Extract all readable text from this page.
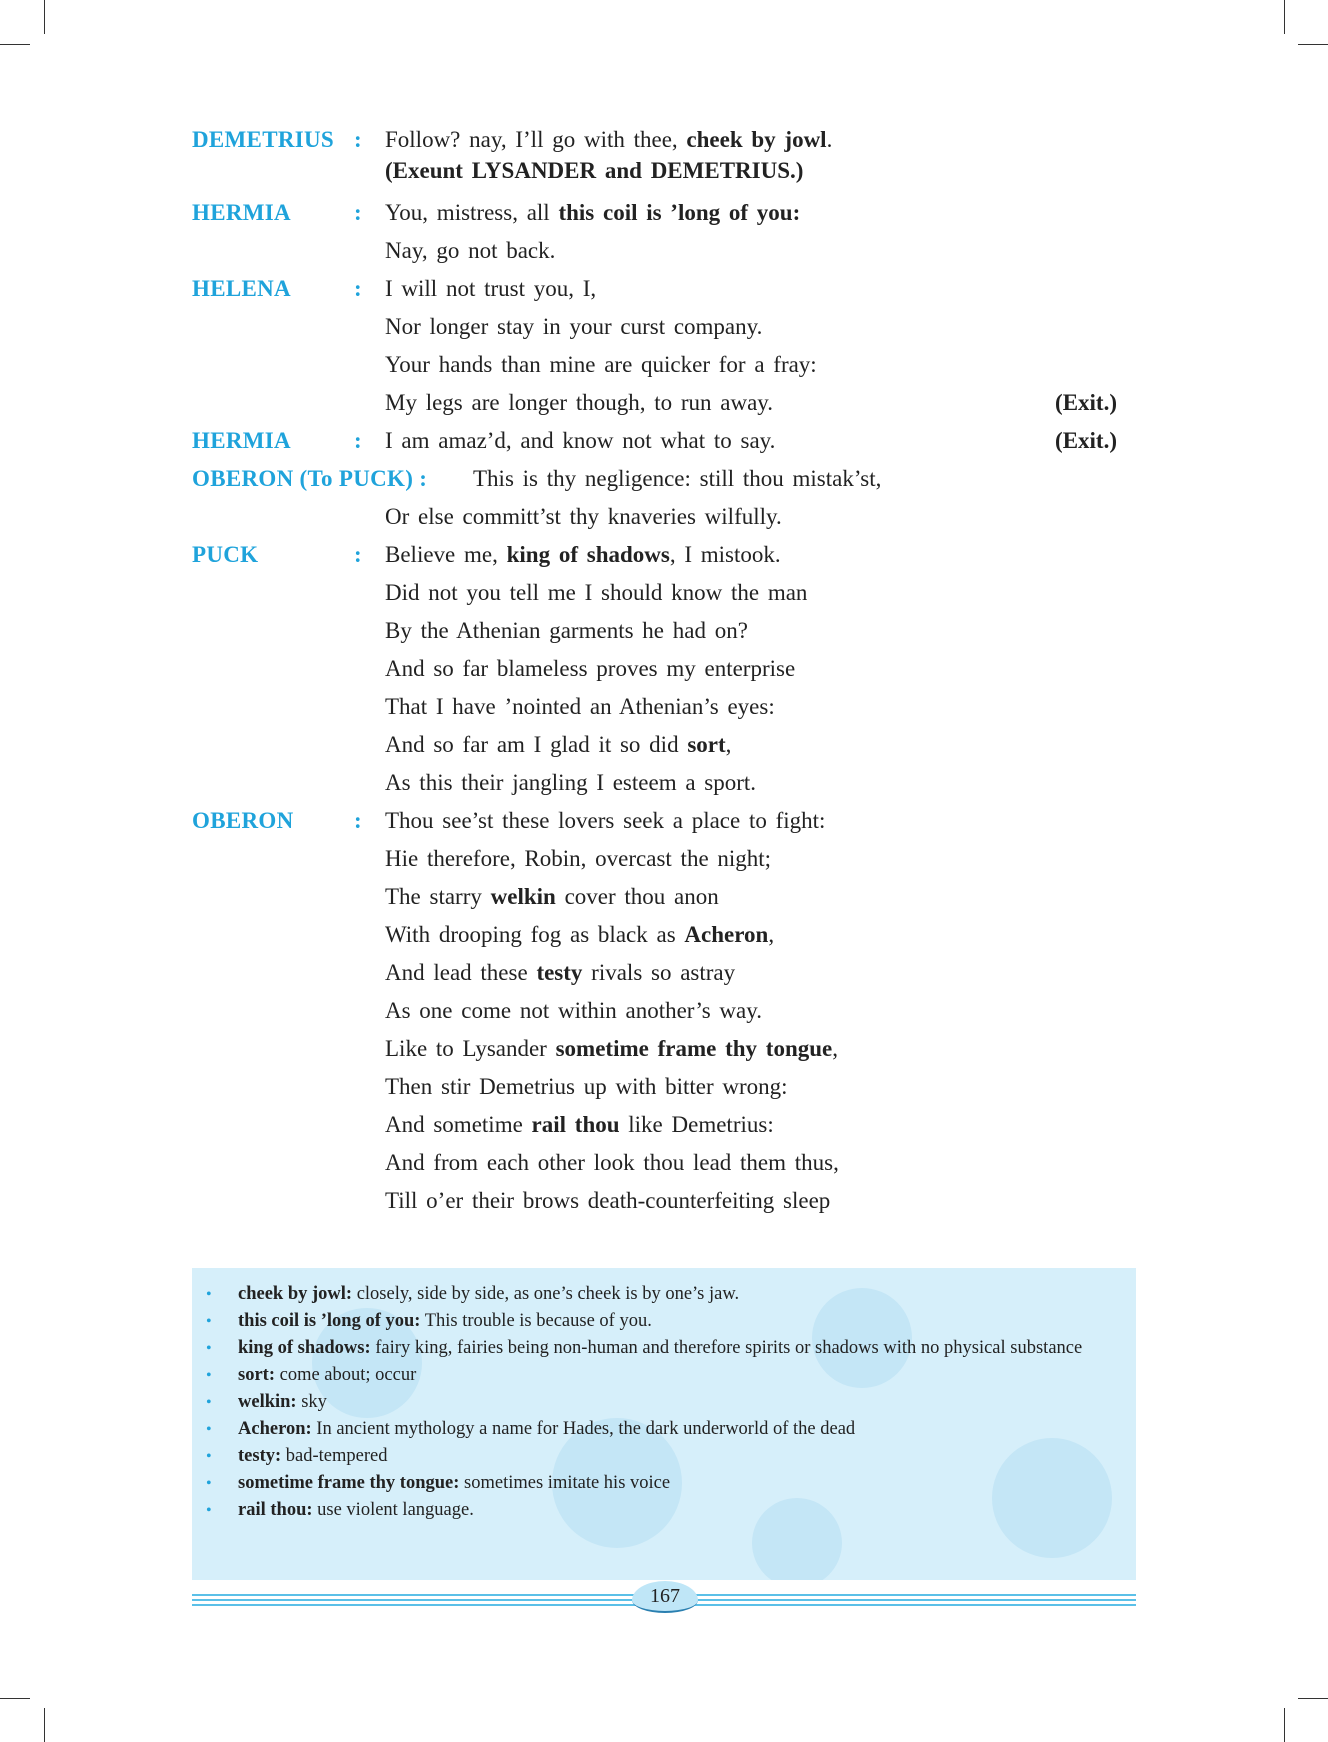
DEMETRIUS : Follow? nay, I’ll go with thee, cheek by jowl.
(Exeunt LYSANDER and DEMETRIUS.)
HERMIA	: You, mistress, all this coil is ’long of you:
Nay, go not back.
HELENA	: I will not trust you, I,
Nor longer stay in your curst company.
Your hands than mine are quicker for a fray:
My legs are longer though, to run away.	(Exit.)
HERMIA	: I am amaz’d, and know not what to say.	(Exit.)
OBERON (To PUCK) : This is thy negligence: still thou mistak’st,
Or else committ’st thy knaveries wilfully.
PUCK	: Believe me, king of shadows, I mistook.
Did not you tell me I should know the man
By the Athenian garments he had on?
And so far blameless proves my enterprise
That I have ’nointed an Athenian’s eyes:
And so far am I glad it so did sort,
As this their jangling I esteem a sport.
OBERON	: Thou see’st these lovers seek a place to fight:
Hie therefore, Robin, overcast the night;
The starry welkin cover thou anon
With drooping fog as black as Acheron,
And lead these testy rivals so astray
As one come not within another’s way.
Like to Lysander sometime frame thy tongue,
Then stir Demetrius up with bitter wrong:
And sometime rail thou like Demetrius:
And from each other look thou lead them thus,
Till o’er their brows death-counterfeiting sleep
• cheek by jowl: closely, side by side, as one’s cheek is by one’s jaw.
• this coil is ’long of you: This trouble is because of you.
• king of shadows: fairy king, fairies being non-human and therefore spirits or shadows with no physical substance
• sort: come about; occur
• welkin: sky
• Acheron: In ancient mythology a name for Hades, the dark underworld of the dead
• testy: bad-tempered
• sometime frame thy tongue: sometimes imitate his voice
• rail thou: use violent language.
167
